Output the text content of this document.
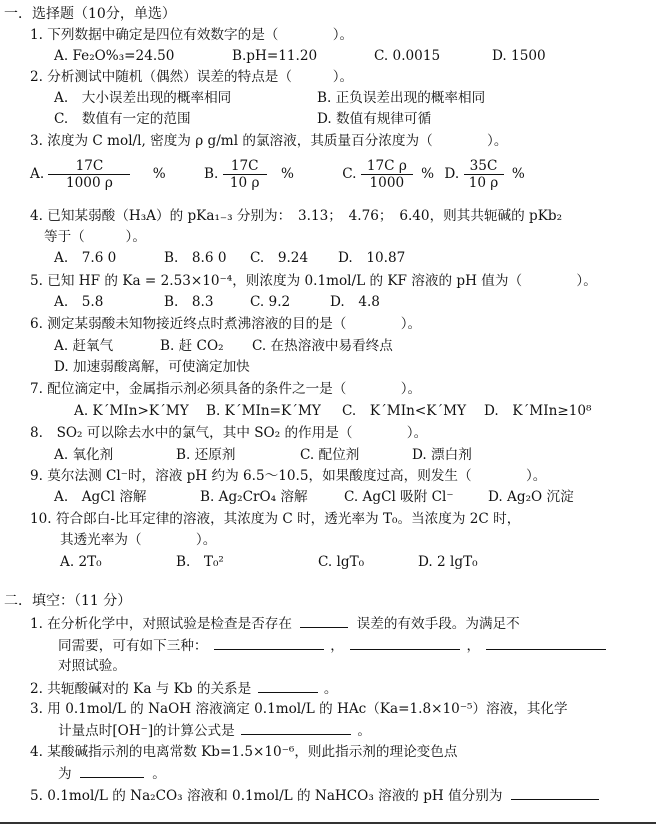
一．选择题（10分，单选）
1. 下列数据中确定是四位有效数字的是（　　　　）。
A. Fe₂O%₃=24.50	B.pH=11.20	C. 0.0015	D. 1500
2. 分析测试中随机（偶然）误差的特点是（　　　）。
A.　大小误差出现的概率相同	B. 正负误差出现的概率相同
C.　数值有一定的范围	D. 数值有规律可循
3. 浓度为 C mol/l, 密度为 ρ g/ml 的氯溶液，其质量百分浓度为（　　　　）。
A. $\frac{17C}{1000 \rho}$ %	B. $\frac{17C}{10 \rho}$ %	C. $\frac{\text{17C ρ}}{1000}$ % D. $\frac{35C}{10 \rho}$ %
4. 已知某弱酸（H₃A）的 pKa₁₋₃ 分别为：　3.13；　4.76；　6.40，则其共轭碱的 pKb₂
等于（　　　）。
A.　7.6 0	B.　8.6 0 C.　9.24 D.　10.87
5. 已知 HF 的 Ka = 2.53×10⁻⁴，则浓度为 0.1mol/L 的 KF 溶液的 pH 值为（　　　　）。
A.　5.8	B.　8.3	C. 9.2	D.　4.8
6. 测定某弱酸未知物接近终点时煮沸溶液的目的是（　　　　）。
A. 赶氧气	B. 赶 CO₂ C. 在热溶液中易看终点
D. 加速弱酸离解，可使滴定加快
7. 配位滴定中，金属指示剂必须具备的条件之一是（　　　　）。
A. K´MIn>K´MY B. K´MIn=K´MY C.　K´MIn<K´MY D.　K´MIn≥10⁸
8.　SO₂ 可以除去水中的氯气，其中 SO₂ 的作用是（　　　　）。
A. 氧化剂	B. 还原剂	C. 配位剂	D. 漂白剂
9. 莫尔法测 Cl⁻时，溶液 pH 约为 6.5～10.5，如果酸度过高，则发生（　　　　）。
A.　AgCl 溶解	B. Ag₂CrO₄ 溶解	C. AgCl 吸附 Cl⁻	D. Ag₂O 沉淀
10. 符合郎白-比耳定律的溶液，其浓度为 C 时，透光率为 T₀。当浓度为 2C 时，
其透光率为（　　　　）。
A. 2T₀	B.　T₀²	C. lgT₀	D. 2 lgT₀
二．填空：（11 分）
1. 在分析化学中，对照试验是检查是否存在	误差的有效手段。为满足不
同需要，可有如下三种：	，	，
对照试验。
2. 共轭酸碱对的 Ka 与 Kb 的关系是	。
3. 用 0.1mol/L 的 NaOH 溶液滴定 0.1mol/L 的 HAc（Ka=1.8×10⁻⁵）溶液，其化学
计量点时[OH⁻]的计算公式是	。
4. 某酸碱指示剂的电离常数 Kb=1.5×10⁻⁶，则此指示剂的理论变色点
为	。
5. 0.1mol/L 的 Na₂CO₃ 溶液和 0.1mol/L 的 NaHCO₃ 溶液的 pH 值分别为
